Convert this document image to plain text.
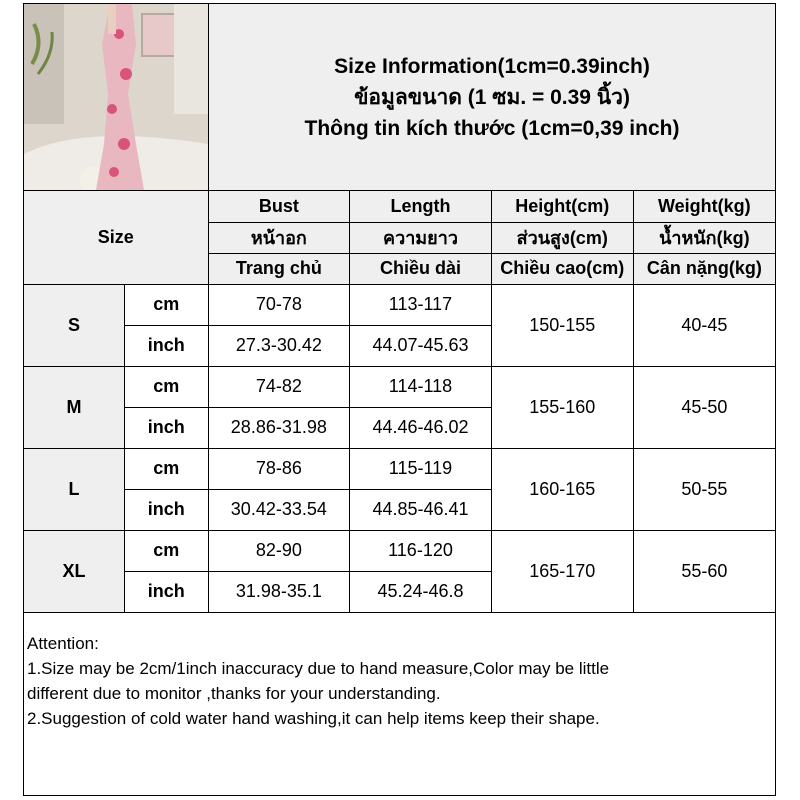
Size Information(1cm=0.39inch)
ข้อมูลขนาด (1 ซม. = 0.39 นิ้ว)
Thông tin kích thước (1cm=0,39 inch)
Size		Bust	Length	Height(cm)	Weight(kg)
		หน้าอก	ความยาว	ส่วนสูง(cm)	น้ำหนัก(kg)
		Trang chủ	Chiều dài	Chiều cao(cm)	Cân nặng(kg)
S	cm	70-78	113-117	150-155	40-45
	inch	27.3-30.42	44.07-45.63		
M	cm	74-82	114-118	155-160	45-50
	inch	28.86-31.98	44.46-46.02		
L	cm	78-86	115-119	160-165	50-55
	inch	30.42-33.54	44.85-46.41		
XL	cm	82-90	116-120	165-170	55-60
	inch	31.98-35.1	45.24-46.8		
Attention:
1.Size may be 2cm/1inch inaccuracy due to hand measure,Color may be little
different due to monitor ,thanks for your understanding.
2.Suggestion of cold water hand washing,it can help items keep their shape.
